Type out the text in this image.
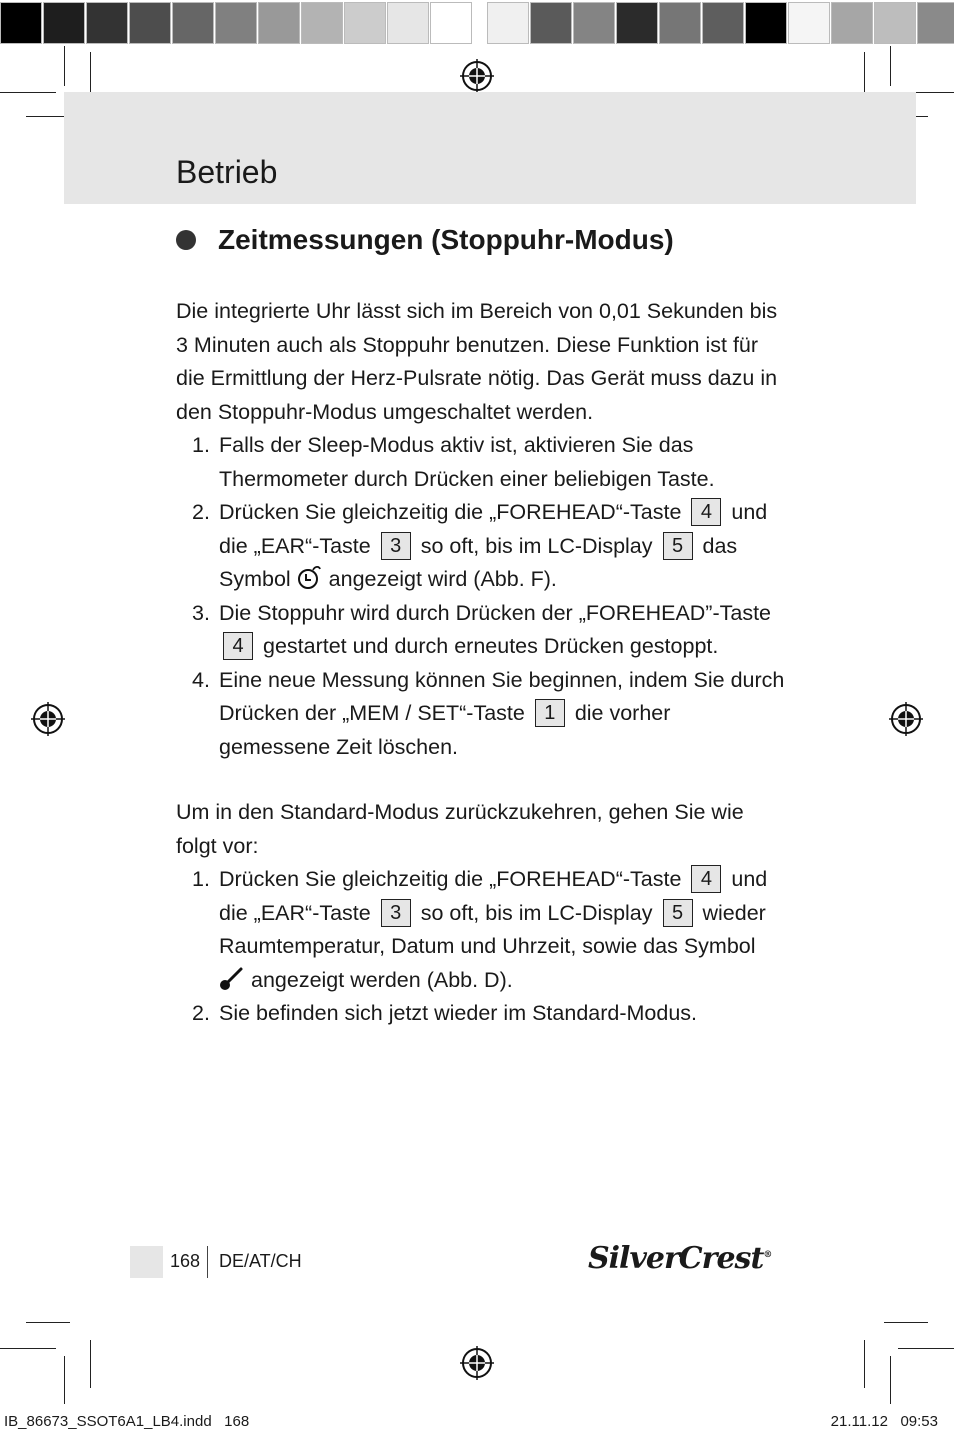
Betrieb
Zeitmessungen (Stoppuhr-Modus)

Die integrierte Uhr lässt sich im Bereich von 0,01 Sekunden bis 3 Minuten auch als Stoppuhr benutzen. Diese Funktion ist für die Ermittlung der Herz-Pulsrate nötig. Das Gerät muss dazu in den Stoppuhr-Modus umgeschaltet werden.

1. Falls der Sleep-Modus aktiv ist, aktivieren Sie das Thermometer durch Drücken einer beliebigen Taste.
2. Drücken Sie gleichzeitig die „FOREHEAD“-Taste 4 und die „EAR“-Taste 3 so oft, bis im LC-Display 5 das Symbol angezeigt wird (Abb. F).
3. Die Stoppuhr wird durch Drücken der „FOREHEAD”-Taste 4 gestartet und durch erneutes Drücken gestoppt.
4. Eine neue Messung können Sie beginnen, indem Sie durch Drücken der „MEM / SET“-Taste 1 die vorher gemessene Zeit löschen.

Um in den Standard-Modus zurückzukehren, gehen Sie wie folgt vor:

1. Drücken Sie gleichzeitig die „FOREHEAD“-Taste 4 und die „EAR“-Taste 3 so oft, bis im LC-Display 5 wieder Raumtemperatur, Datum und Uhrzeit, sowie das Symbol  angezeigt werden (Abb. D).
2. Sie befinden sich jetzt wieder im Standard-Modus.
168 DE/AT/CH	SilverCrest®
IB_86673_SSOT6A1_LB4.indd   168	21.11.12   09:53
